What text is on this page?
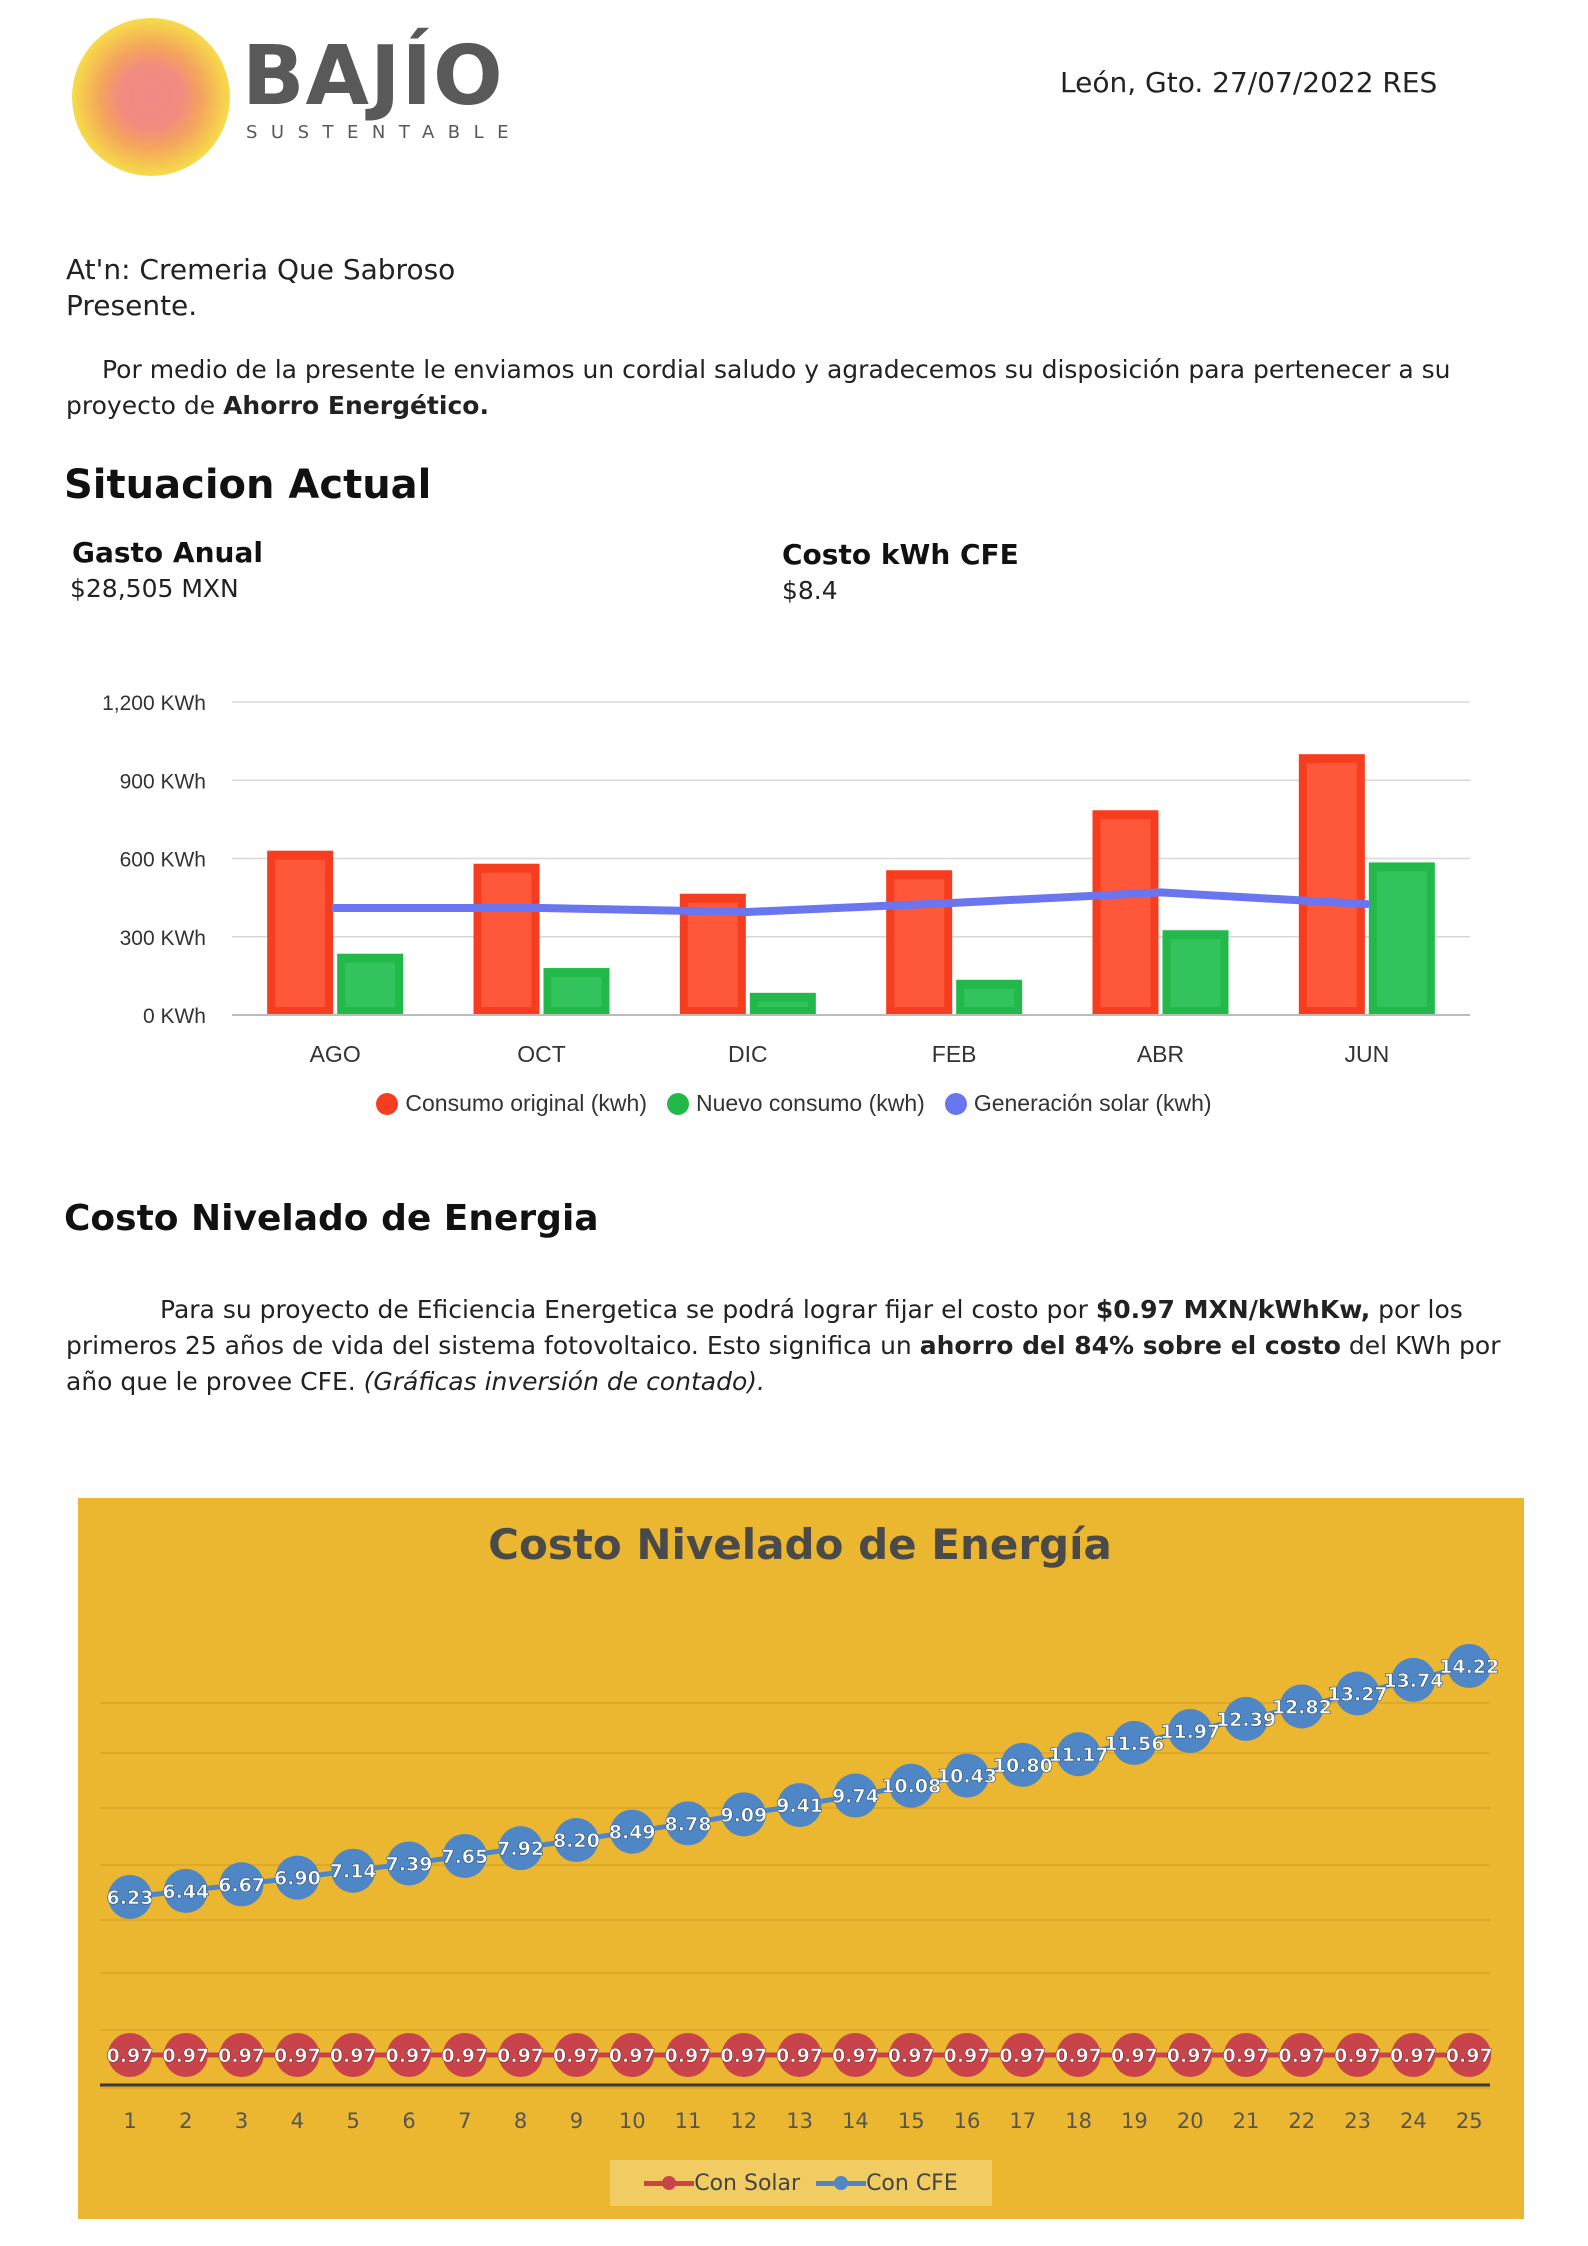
BAJÍO
SUSTENTABLE
León, Gto. 27/07/2022 RES
At'n: Cremeria Que Sabroso
Presente.
Por medio de la presente le enviamos un cordial saludo y agradecemos su disposición para pertenecer a su proyecto de Ahorro Energético.
Situacion Actual
Gasto Anual
$28,505 MXN
Costo kWh CFE
$8.4
0 KWh
300 KWh
600 KWh
900 KWh
1,200 KWh
AGO	OCT	DIC	FEB	ABR	JUN
Consumo original (kwh) Nuevo consumo (kwh) Generación solar (kwh)
Costo Nivelado de Energia
Para su proyecto de Eficiencia Energetica se podrá lograr fijar el costo por $0.97 MXN/kWhKw, por los primeros 25 años de vida del sistema fotovoltaico. Esto significa un ahorro del 84% sobre el costo del KWh por año que le provee CFE. (Gráficas inversión de contado).
Costo Nivelado de Energía
0.97
6.23
1
0.97
6.44
2
0.97
6.67
3
0.97
6.90
4
0.97
7.14
5
0.97
7.39
6
0.97
7.65
7
0.97
7.92
8
0.97
8.20
9
0.97
8.49
10
0.97
8.78
11
0.97
9.09
12
0.97
9.41
13
0.97
9.74
14
0.97
10.08
15
0.97
10.43
16
0.97
10.80
17
0.97
11.17
18
0.97
11.56
19
0.97
11.97
20
0.97
12.39
21
0.97
12.82
22
0.97
13.27
23
0.97
13.74
24
0.97
14.22
25
Con Solar	Con CFE
